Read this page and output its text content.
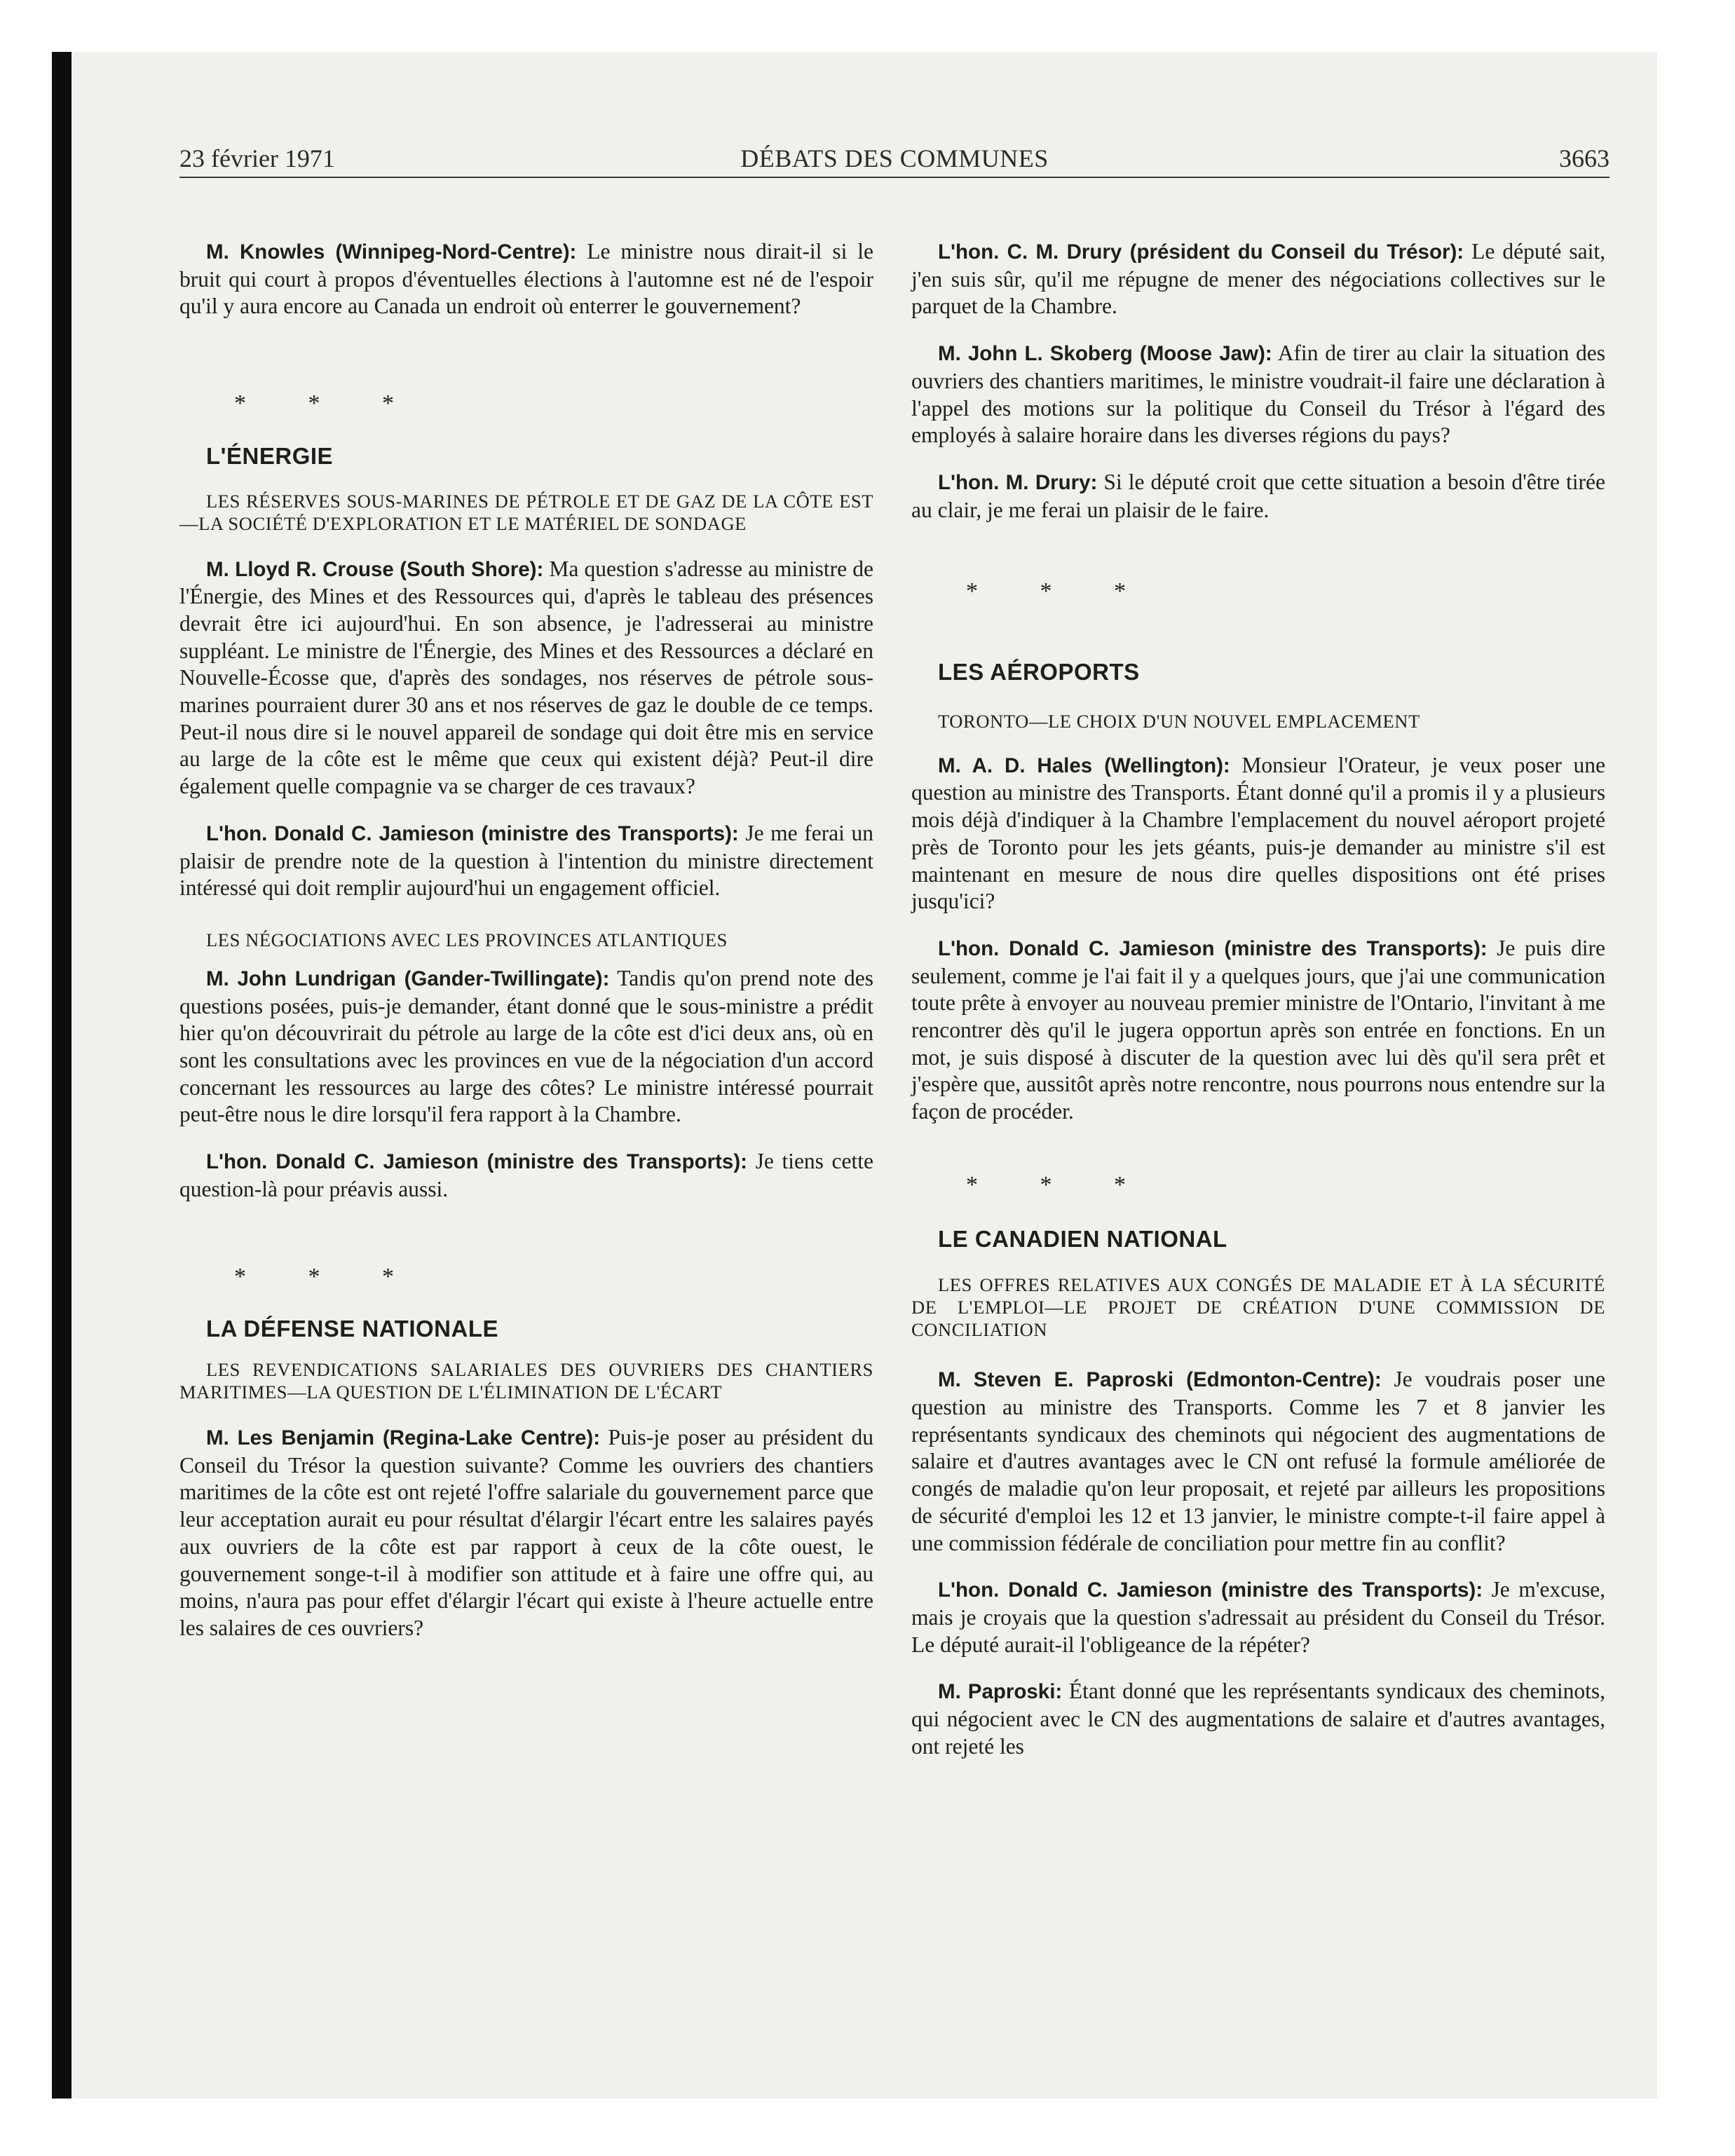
23 février 1971	DÉBATS DES COMMUNES	3663

M. Knowles (Winnipeg-Nord-Centre): Le ministre nous dirait-il si le bruit qui court à propos d'éventuelles élections à l'automne est né de l'espoir qu'il y aura encore au Canada un endroit où enterrer le gouvernement?

* * *

L'ÉNERGIE

LES RÉSERVES SOUS-MARINES DE PÉTROLE ET DE GAZ DE LA CÔTE EST—LA SOCIÉTÉ D'EXPLORATION ET LE MATÉRIEL DE SONDAGE

M. Lloyd R. Crouse (South Shore): Ma question s'adresse au ministre de l'Énergie, des Mines et des Ressources qui, d'après le tableau des présences devrait être ici aujourd'hui. En son absence, je l'adresserai au ministre suppléant. Le ministre de l'Énergie, des Mines et des Ressources a déclaré en Nouvelle-Écosse que, d'après des sondages, nos réserves de pétrole sous-marines pourraient durer 30 ans et nos réserves de gaz le double de ce temps. Peut-il nous dire si le nouvel appareil de sondage qui doit être mis en service au large de la côte est le même que ceux qui existent déjà? Peut-il dire également quelle compagnie va se charger de ces travaux?

L'hon. Donald C. Jamieson (ministre des Transports): Je me ferai un plaisir de prendre note de la question à l'intention du ministre directement intéressé qui doit remplir aujourd'hui un engagement officiel.

LES NÉGOCIATIONS AVEC LES PROVINCES ATLANTIQUES

M. John Lundrigan (Gander-Twillingate): Tandis qu'on prend note des questions posées, puis-je demander, étant donné que le sous-ministre a prédit hier qu'on découvrirait du pétrole au large de la côte est d'ici deux ans, où en sont les consultations avec les provinces en vue de la négociation d'un accord concernant les ressources au large des côtes? Le ministre intéressé pourrait peut-être nous le dire lorsqu'il fera rapport à la Chambre.

L'hon. Donald C. Jamieson (ministre des Transports): Je tiens cette question-là pour préavis aussi.

* * *

LA DÉFENSE NATIONALE

LES REVENDICATIONS SALARIALES DES OUVRIERS DES CHANTIERS MARITIMES—LA QUESTION DE L'ÉLIMINATION DE L'ÉCART

M. Les Benjamin (Regina-Lake Centre): Puis-je poser au président du Conseil du Trésor la question suivante? Comme les ouvriers des chantiers maritimes de la côte est ont rejeté l'offre salariale du gouvernement parce que leur acceptation aurait eu pour résultat d'élargir l'écart entre les salaires payés aux ouvriers de la côte est par rapport à ceux de la côte ouest, le gouvernement songe-t-il à modifier son attitude et à faire une offre qui, au moins, n'aura pas pour effet d'élargir l'écart qui existe à l'heure actuelle entre les salaires de ces ouvriers?

L'hon. C. M. Drury (président du Conseil du Trésor): Le député sait, j'en suis sûr, qu'il me répugne de mener des négociations collectives sur le parquet de la Chambre.

M. John L. Skoberg (Moose Jaw): Afin de tirer au clair la situation des ouvriers des chantiers maritimes, le ministre voudrait-il faire une déclaration à l'appel des motions sur la politique du Conseil du Trésor à l'égard des employés à salaire horaire dans les diverses régions du pays?

L'hon. M. Drury: Si le député croit que cette situation a besoin d'être tirée au clair, je me ferai un plaisir de le faire.

* * *

LES AÉROPORTS

TORONTO—LE CHOIX D'UN NOUVEL EMPLACEMENT

M. A. D. Hales (Wellington): Monsieur l'Orateur, je veux poser une question au ministre des Transports. Étant donné qu'il a promis il y a plusieurs mois déjà d'indiquer à la Chambre l'emplacement du nouvel aéroport projeté près de Toronto pour les jets géants, puis-je demander au ministre s'il est maintenant en mesure de nous dire quelles dispositions ont été prises jusqu'ici?

L'hon. Donald C. Jamieson (ministre des Transports): Je puis dire seulement, comme je l'ai fait il y a quelques jours, que j'ai une communication toute prête à envoyer au nouveau premier ministre de l'Ontario, l'invitant à me rencontrer dès qu'il le jugera opportun après son entrée en fonctions. En un mot, je suis disposé à discuter de la question avec lui dès qu'il sera prêt et j'espère que, aussitôt après notre rencontre, nous pourrons nous entendre sur la façon de procéder.

* * *

LE CANADIEN NATIONAL

LES OFFRES RELATIVES AUX CONGÉS DE MALADIE ET À LA SÉCURITÉ DE L'EMPLOI—LE PROJET DE CRÉATION D'UNE COMMISSION DE CONCILIATION

M. Steven E. Paproski (Edmonton-Centre): Je voudrais poser une question au ministre des Transports. Comme les 7 et 8 janvier les représentants syndicaux des cheminots qui négocient des augmentations de salaire et d'autres avantages avec le CN ont refusé la formule améliorée de congés de maladie qu'on leur proposait, et rejeté par ailleurs les propositions de sécurité d'emploi les 12 et 13 janvier, le ministre compte-t-il faire appel à une commission fédérale de conciliation pour mettre fin au conflit?

L'hon. Donald C. Jamieson (ministre des Transports): Je m'excuse, mais je croyais que la question s'adressait au président du Conseil du Trésor. Le député aurait-il l'obligeance de la répéter?

M. Paproski: Étant donné que les représentants syndicaux des cheminots, qui négocient avec le CN des augmentations de salaire et d'autres avantages, ont rejeté les
